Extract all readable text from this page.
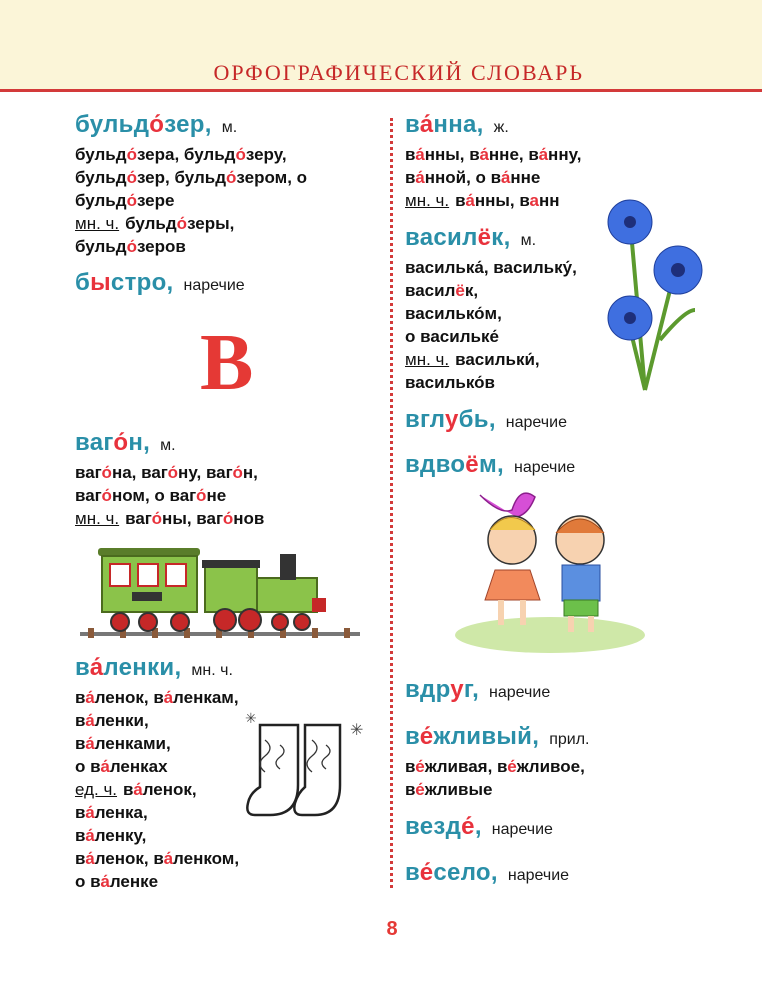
ОРФОГРАФИЧЕСКИЙ СЛОВАРЬ
бульдо́зер, м.
бульдо́зера, бульдо́зеру,
бульдо́зер, бульдо́зером, о
бульдо́зере
мн. ч. бульдо́зеры,
бульдо́зеров
быстро, наречие
В
ваго́н, м.
ваго́на, ваго́ну, ваго́н,
ваго́ном, о ваго́не
мн. ч. ваго́ны, ваго́нов
ва́ленки, мн. ч.
ва́ленок, ва́ленкам,
ва́ленки,
ва́ленками,
о ва́ленках
ед. ч. ва́ленок,
ва́ленка,
ва́ленку,
ва́ленок, ва́ленком,
о ва́ленке
ва́нна, ж.
ва́нны, ва́нне, ва́нну,
ва́нной, о ва́нне
мн. ч. ва́нны, ванн
василёк, м.
василька, васильку,
василёк,
васильком,
о васильке
мн. ч. васильки,
васильков
вглубь, наречие
вдвоём, наречие
вдруг, наречие
ве́жливый, прил.
ве́жливая, ве́жливое,
ве́жливые
везде́, наречие
ве́село, наречие
✳
✳
8
